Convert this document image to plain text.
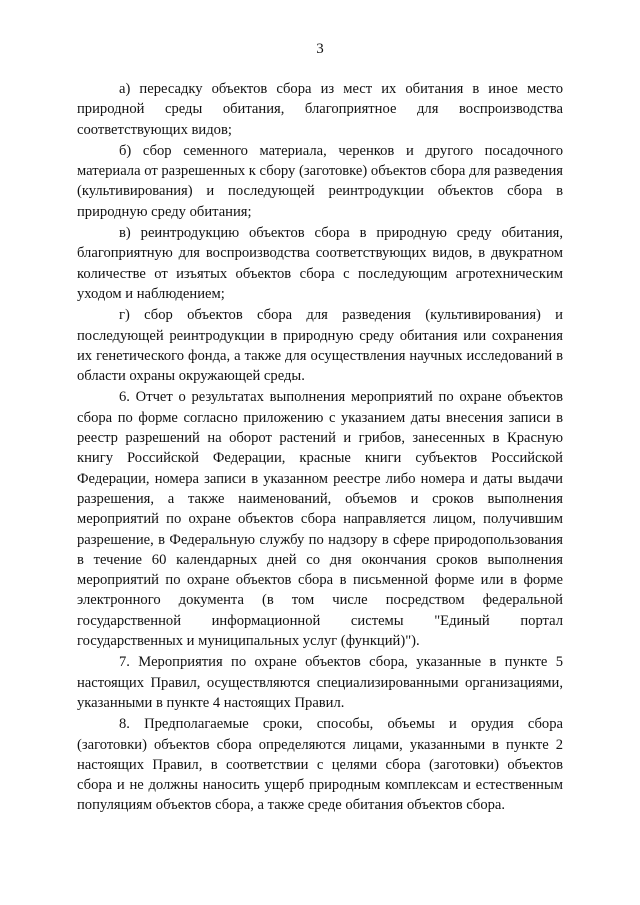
3

а) пересадку объектов сбора из мест их обитания в иное место природной среды обитания, благоприятное для воспроизводства соответствующих видов;

б) сбор семенного материала, черенков и другого посадочного материала от разрешенных к сбору (заготовке) объектов сбора для разведения (культивирования) и последующей реинтродукции объектов сбора в природную среду обитания;

в) реинтродукцию объектов сбора в природную среду обитания, благоприятную для воспроизводства соответствующих видов, в двукратном количестве от изъятых объектов сбора с последующим агротехническим уходом и наблюдением;

г) сбор объектов сбора для разведения (культивирования) и последующей реинтродукции в природную среду обитания или сохранения их генетического фонда, а также для осуществления научных исследований в области охраны окружающей среды.

6. Отчет о результатах выполнения мероприятий по охране объектов сбора по форме согласно приложению с указанием даты внесения записи в реестр разрешений на оборот растений и грибов, занесенных в Красную книгу Российской Федерации, красные книги субъектов Российской Федерации, номера записи в указанном реестре либо номера и даты выдачи разрешения, а также наименований, объемов и сроков выполнения мероприятий по охране объектов сбора направляется лицом, получившим разрешение, в Федеральную службу по надзору в сфере природопользования в течение 60 календарных дней со дня окончания сроков выполнения мероприятий по охране объектов сбора в письменной форме или в форме электронного документа (в том числе посредством федеральной государственной информационной системы "Единый портал государственных и муниципальных услуг (функций)").

7. Мероприятия по охране объектов сбора, указанные в пункте 5 настоящих Правил, осуществляются специализированными организациями, указанными в пункте 4 настоящих Правил.

8. Предполагаемые сроки, способы, объемы и орудия сбора (заготовки) объектов сбора определяются лицами, указанными в пункте 2 настоящих Правил, в соответствии с целями сбора (заготовки) объектов сбора и не должны наносить ущерб природным комплексам и естественным популяциям объектов сбора, а также среде обитания объектов сбора.
